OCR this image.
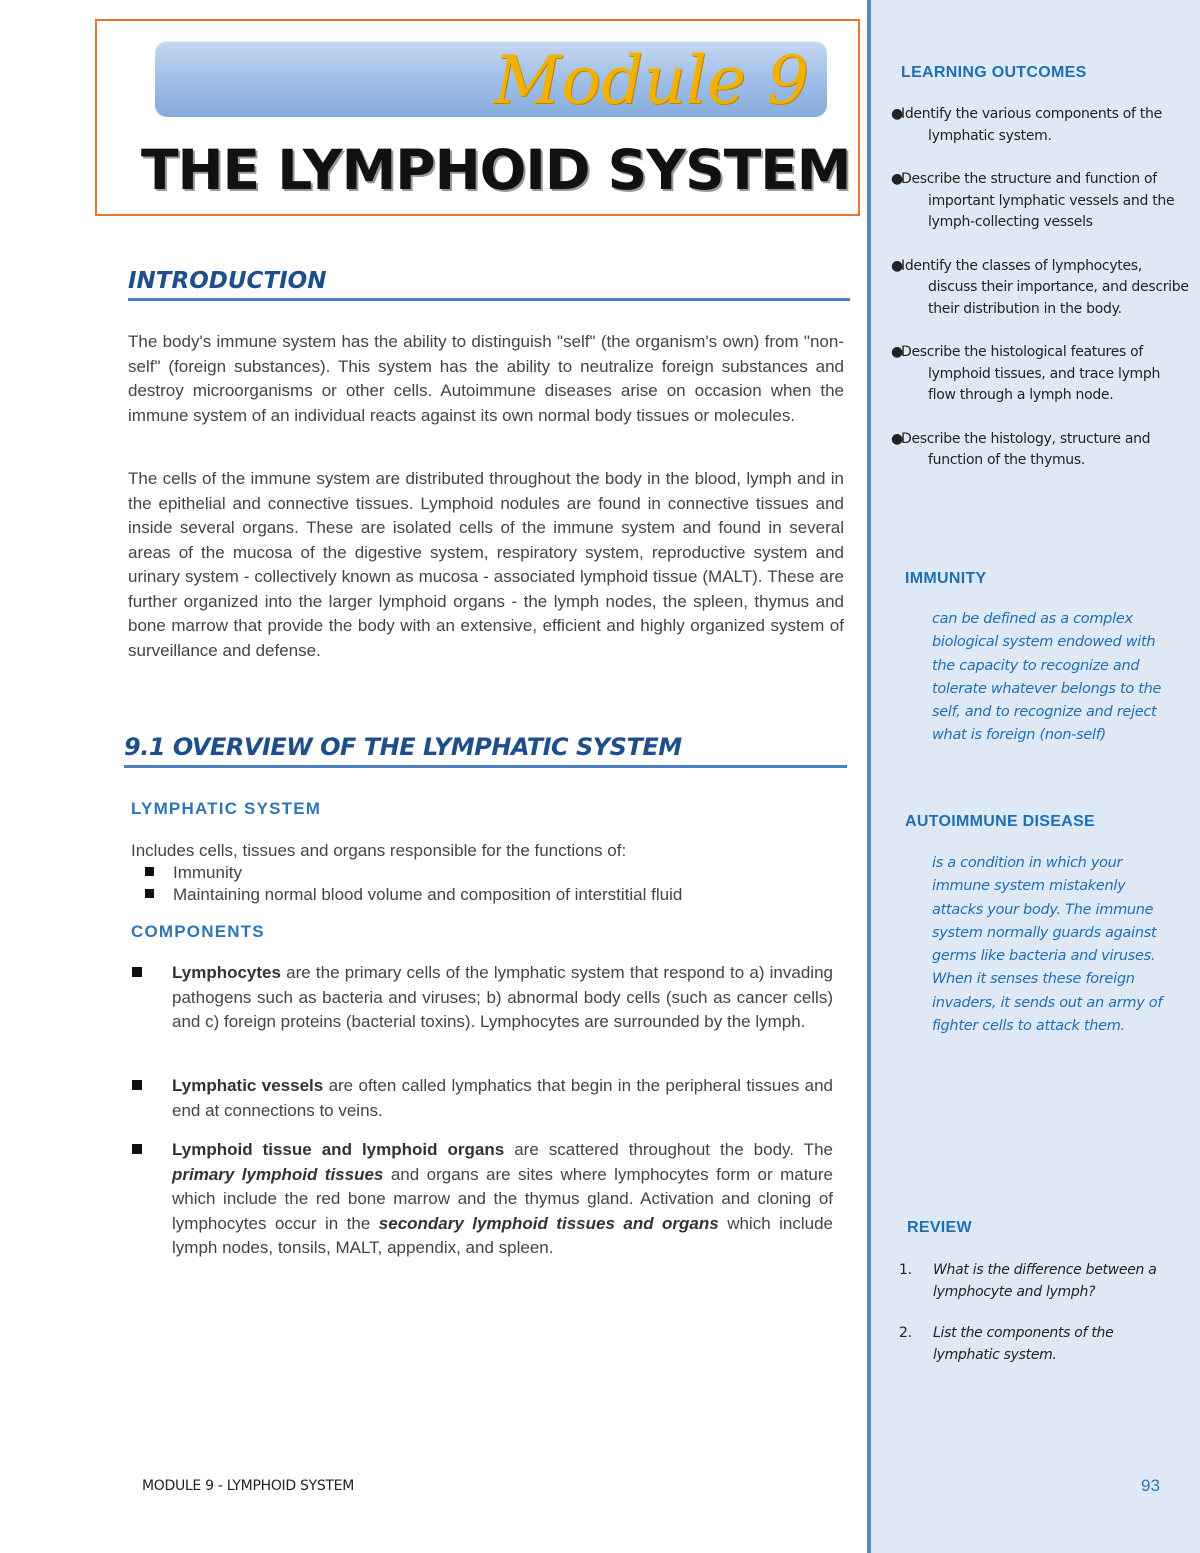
Module 9
THE LYMPHOID SYSTEM
INTRODUCTION

The body's immune system has the ability to distinguish "self" (the organism's own) from "non-self" (foreign substances). This system has the ability to neutralize foreign substances and destroy microorganisms or other cells. Autoimmune diseases arise on occasion when the immune system of an individual reacts against its own normal body tissues or molecules.

The cells of the immune system are distributed throughout the body in the blood, lymph and in the epithelial and connective tissues. Lymphoid nodules are found in connective tissues and inside several organs. These are isolated cells of the immune system and found in several areas of the mucosa of the digestive system, respiratory system, reproductive system and urinary system - collectively known as mucosa - associated lymphoid tissue (MALT). These are further organized into the larger lymphoid organs - the lymph nodes, the spleen, thymus and bone marrow that provide the body with an extensive, efficient and highly organized system of surveillance and defense.

9.1 OVERVIEW OF THE LYMPHATIC SYSTEM
LYMPHATIC SYSTEM
Includes cells, tissues and organs responsible for the functions of:
Immunity
Maintaining normal blood volume and composition of interstitial fluid
COMPONENTS
Lymphocytes are the primary cells of the lymphatic system that respond to a) invading pathogens such as bacteria and viruses; b) abnormal body cells (such as cancer cells) and c) foreign proteins (bacterial toxins). Lymphocytes are surrounded by the lymph.
Lymphatic vessels are often called lymphatics that begin in the peripheral tissues and end at connections to veins.
Lymphoid tissue and lymphoid organs are scattered throughout the body. The primary lymphoid tissues and organs are sites where lymphocytes form or mature which include the red bone marrow and the thymus gland. Activation and cloning of lymphocytes occur in the secondary lymphoid tissues and organs which include lymph nodes, tonsils, MALT, appendix, and spleen.
MODULE 9 - LYMPHOID SYSTEM
LEARNING OUTCOMES
●Identify the various components of the lymphatic system.
●Describe the structure and function of important lymphatic vessels and the lymph-collecting vessels
●Identify the classes of lymphocytes, discuss their importance, and describe their distribution in the body.
●Describe the histological features of lymphoid tissues, and trace lymph flow through a lymph node.
●Describe the histology, structure and function of the thymus.
IMMUNITY
can be defined as a complex biological system endowed with the capacity to recognize and tolerate whatever belongs to the self, and to recognize and reject what is foreign (non-self)
AUTOIMMUNE DISEASE
is a condition in which your immune system mistakenly attacks your body. The immune system normally guards against germs like bacteria and viruses. When it senses these foreign invaders, it sends out an army of fighter cells to attack them.
REVIEW
1. What is the difference between a lymphocyte and lymph?
2. List the components of the lymphatic system.
93
